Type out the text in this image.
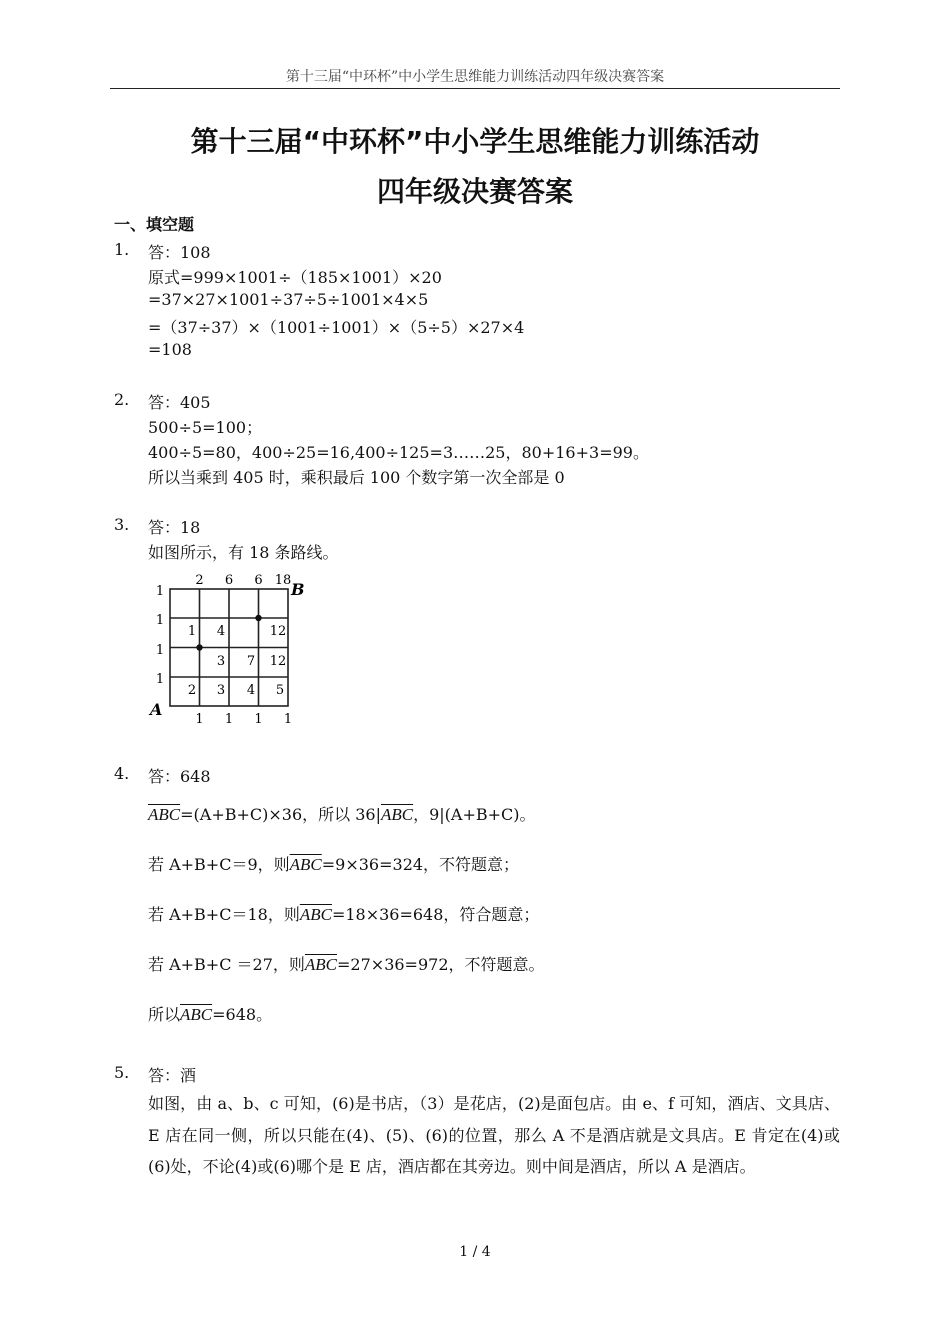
第十三届“中环杯”中小学生思维能力训练活动四年级决赛答案
第十三届“中环杯”中小学生思维能力训练活动
四年级决赛答案
一、填空题
1. 答：108
原式=999×1001÷（185×1001）×20
=37×27×1001÷37÷5÷1001×4×5
=（37÷37）×（1001÷1001）×（5÷5）×27×4
=108
2. 答：405
500÷5=100；
400÷5=80，400÷25=16,400÷125=3……25，80+16+3=99。
所以当乘到 405 时，乘积最后 100 个数字第一次全部是 0
3. 答：18
如图所示，有 18 条路线。
2 6 6 18 B
1
1
1
1
A
1 1 1 1
1 4	12
3 7 12
2 3 4 5
4. 答：648
$\overline{ABC}=(A+B+C)\times 36$，所以 $36|\overline{ABC}$，9|(A+B+C)。
若 A+B+C＝9，则$\overline{ABC}=9\times 36=324$，不符题意；
若 A+B+C＝18，则$\overline{ABC}=18\times 36=648$，符合题意；
若 A+B+C ＝27，则$\overline{ABC}=27\times 36=972$，不符题意。
所以$\overline{ABC}=648$。
5. 答：酒
如图，由 a、b、c 可知，(6)是书店，（3）是花店，(2)是面包店。由 e、f 可知，酒店、文具店、E 店在同一侧，所以只能在(4)、(5)、(6)的位置，那么 A 不是酒店就是文具店。E 肯定在(4)或(6)处，不论(4)或(6)哪个是 E 店，酒店都在其旁边。则中间是酒店，所以 A 是酒店。
1 / 4
